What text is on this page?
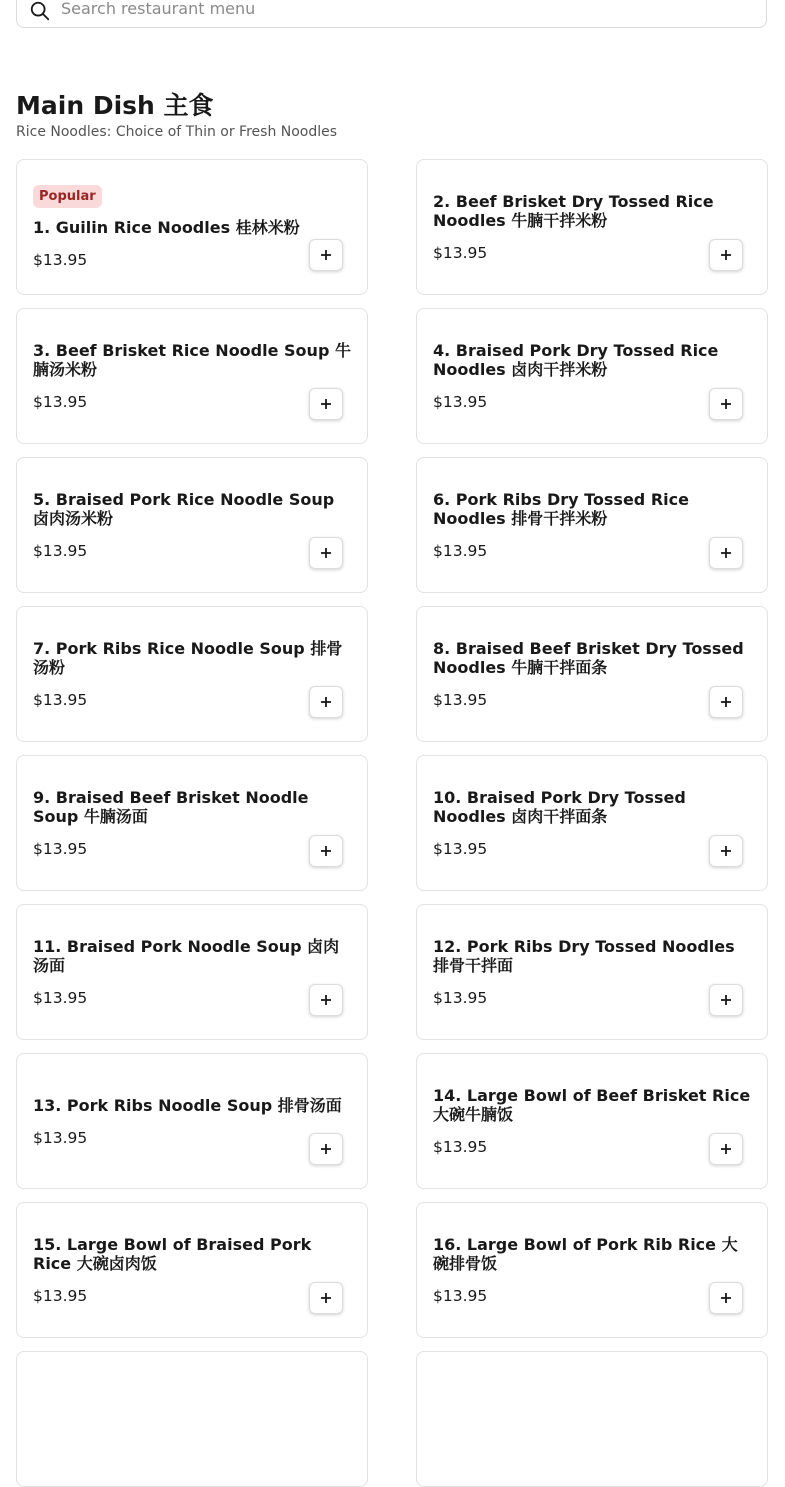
Search restaurant menu
Main Dish 主食

Rice Noodles: Choice of Thin or Fresh Noodles

Popular
1. Guilin Rice Noodles 桂林米粉
$13.95
2. Beef Brisket Dry Tossed Rice Noodles 牛腩干拌米粉
$13.95
3. Beef Brisket Rice Noodle Soup 牛腩汤米粉
$13.95
4. Braised Pork Dry Tossed Rice Noodles 卤肉干拌米粉
$13.95
5. Braised Pork Rice Noodle Soup 卤肉汤米粉
$13.95
6. Pork Ribs Dry Tossed Rice Noodles 排骨干拌米粉
$13.95
7. Pork Ribs Rice Noodle Soup 排骨汤粉
$13.95
8. Braised Beef Brisket Dry Tossed Noodles 牛腩干拌面条
$13.95
9. Braised Beef Brisket Noodle Soup 牛腩汤面
$13.95
10. Braised Pork Dry Tossed Noodles 卤肉干拌面条
$13.95
11. Braised Pork Noodle Soup 卤肉汤面
$13.95
12. Pork Ribs Dry Tossed Noodles 排骨干拌面
$13.95
13. Pork Ribs Noodle Soup 排骨汤面
$13.95
14. Large Bowl of Beef Brisket Rice 大碗牛腩饭
$13.95
15. Large Bowl of Braised Pork Rice 大碗卤肉饭
$13.95
16. Large Bowl of Pork Rib Rice 大碗排骨饭
$13.95
